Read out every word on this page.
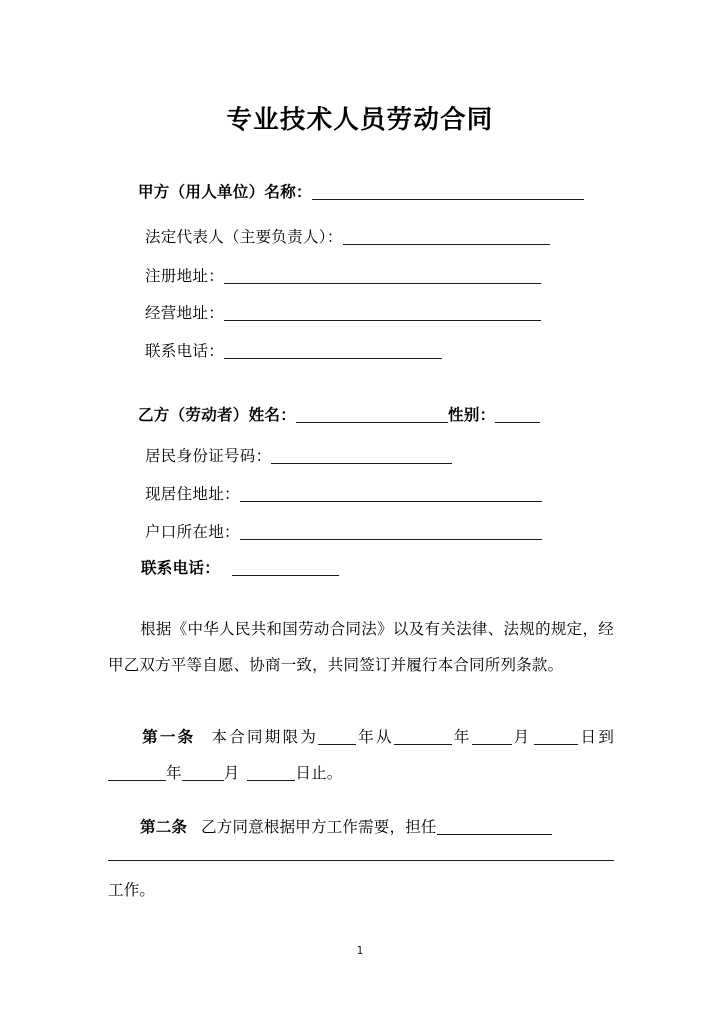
专业技术人员劳动合同
甲方（用人单位）名称：
法定代表人（主要负责人）：
注册地址：
经营地址：
联系电话：
乙方（劳动者）姓名：	性别：
居民身份证号码：
现居住地址：
户口所在地：
联系电话：
根据《中华人民共和国劳动合同法》以及有关法律、法规的规定，经甲乙双方平等自愿、协商一致，共同签订并履行本合同所列条款。
第一条 本合同期限为 年从	年	月	日到年	月	日止。
第二条 乙方同意根据甲方工作需要，担任
工作。
1
